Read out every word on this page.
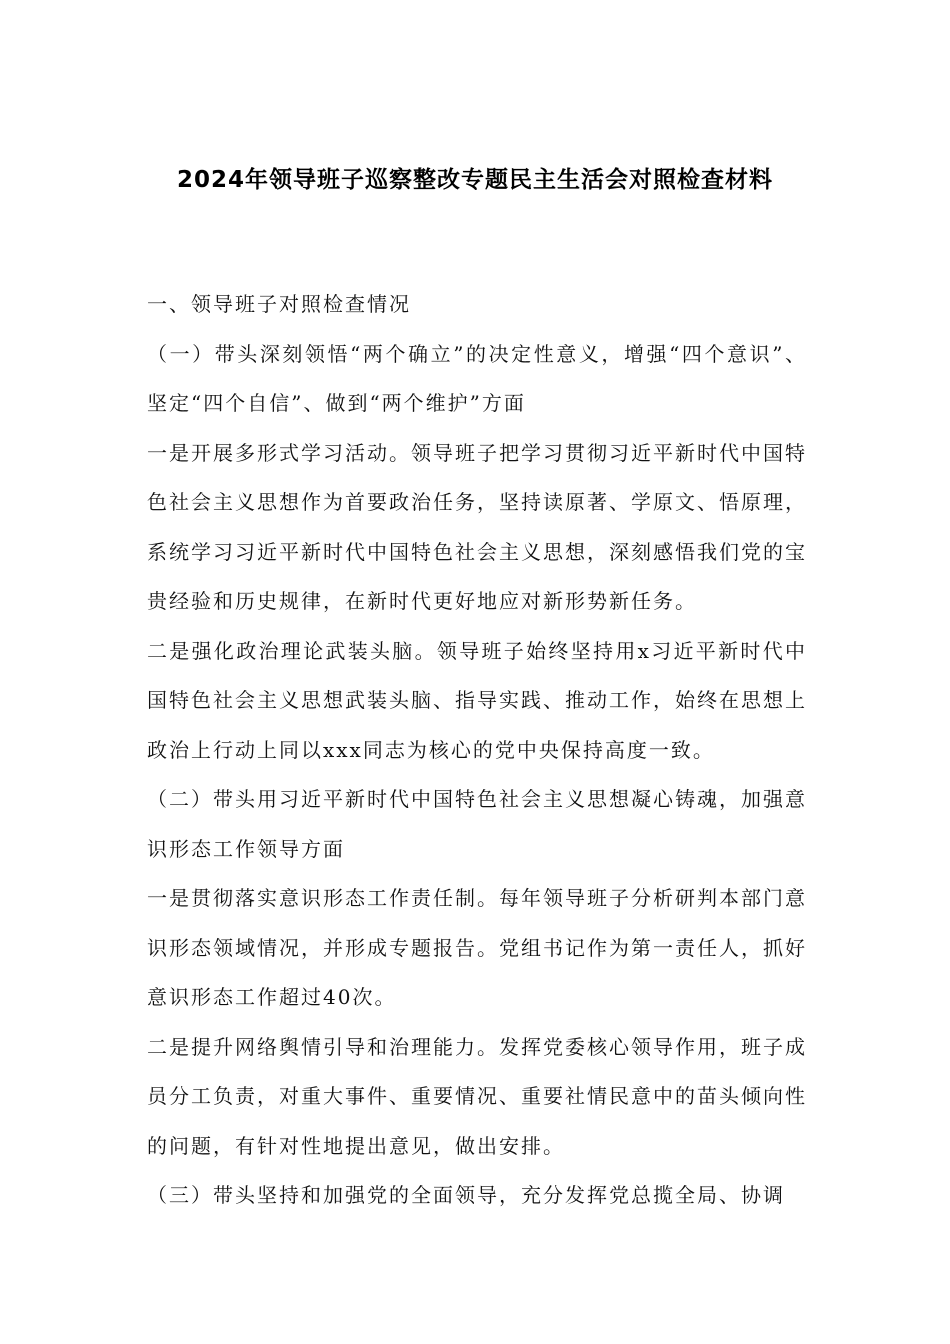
2024年领导班子巡察整改专题民主生活会对照检查材料

一、领导班子对照检查情况

（一）带头深刻领悟“两个确立”的决定性意义，增强“四个意识”、坚定“四个自信”、做到“两个维护”方面

一是开展多形式学习活动。领导班子把学习贯彻习近平新时代中国特色社会主义思想作为首要政治任务，坚持读原著、学原文、悟原理，系统学习习近平新时代中国特色社会主义思想，深刻感悟我们党的宝贵经验和历史规律，在新时代更好地应对新形势新任务。

二是强化政治理论武装头脑。领导班子始终坚持用x习近平新时代中国特色社会主义思想武装头脑、指导实践、推动工作，始终在思想上政治上行动上同以xxx同志为核心的党中央保持高度一致。

（二）带头用习近平新时代中国特色社会主义思想凝心铸魂，加强意识形态工作领导方面

一是贯彻落实意识形态工作责任制。每年领导班子分析研判本部门意识形态领域情况，并形成专题报告。党组书记作为第一责任人，抓好意识形态工作超过40次。

二是提升网络舆情引导和治理能力。发挥党委核心领导作用，班子成员分工负责，对重大事件、重要情况、重要社情民意中的苗头倾向性的问题，有针对性地提出意见，做出安排。

（三）带头坚持和加强党的全面领导，充分发挥党总揽全局、协调
